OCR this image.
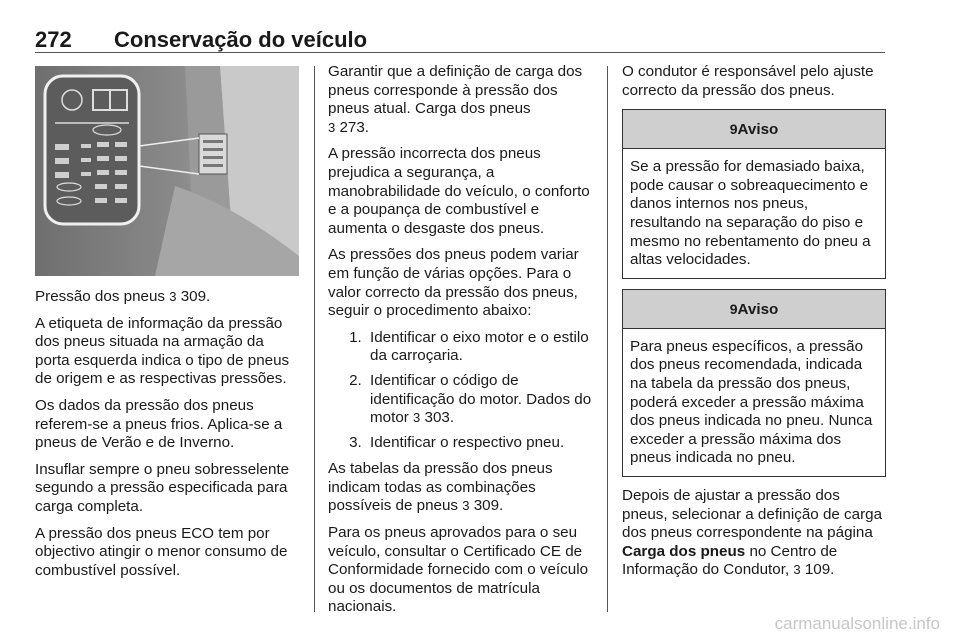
272 Conservação do veículo

Pressão dos pneus 3 309.

A etiqueta de informação da pressão dos pneus situada na armação da porta esquerda indica o tipo de pneus de origem e as respectivas pressões.

Os dados da pressão dos pneus referem-se a pneus frios. Aplica-se a pneus de Verão e de Inverno.

Insuflar sempre o pneu sobresselente segundo a pressão especificada para carga completa.

A pressão dos pneus ECO tem por objectivo atingir o menor consumo de combustível possível.

Garantir que a definição de carga dos pneus corresponde à pressão dos pneus atual. Carga dos pneus
3 273.

A pressão incorrecta dos pneus prejudica a segurança, a manobrabilidade do veículo, o conforto e a poupança de combustível e aumenta o desgaste dos pneus.

As pressões dos pneus podem variar em função de várias opções. Para o valor correcto da pressão dos pneus, seguir o procedimento abaixo:

1. Identificar o eixo motor e o estilo da carroçaria.
2. Identificar o código de identificação do motor. Dados do motor 3 303.
3. Identificar o respectivo pneu.

As tabelas da pressão dos pneus indicam todas as combinações possíveis de pneus 3 309.

Para os pneus aprovados para o seu veículo, consultar o Certificado CE de Conformidade fornecido com o veículo ou os documentos de matrícula nacionais.

O condutor é responsável pelo ajuste correcto da pressão dos pneus.

9Aviso
Se a pressão for demasiado baixa, pode causar o sobreaquecimento e danos internos nos pneus, resultando na separação do piso e mesmo no rebentamento do pneu a altas velocidades.
9Aviso
Para pneus específicos, a pressão dos pneus recomendada, indicada na tabela da pressão dos pneus, poderá exceder a pressão máxima dos pneus indicada no pneu. Nunca exceder a pressão máxima dos pneus indicada no pneu.

Depois de ajustar a pressão dos pneus, selecionar a definição de carga dos pneus correspondente na página Carga dos pneus no Centro de Informação do Condutor, 3 109.

carmanualsonline.info
